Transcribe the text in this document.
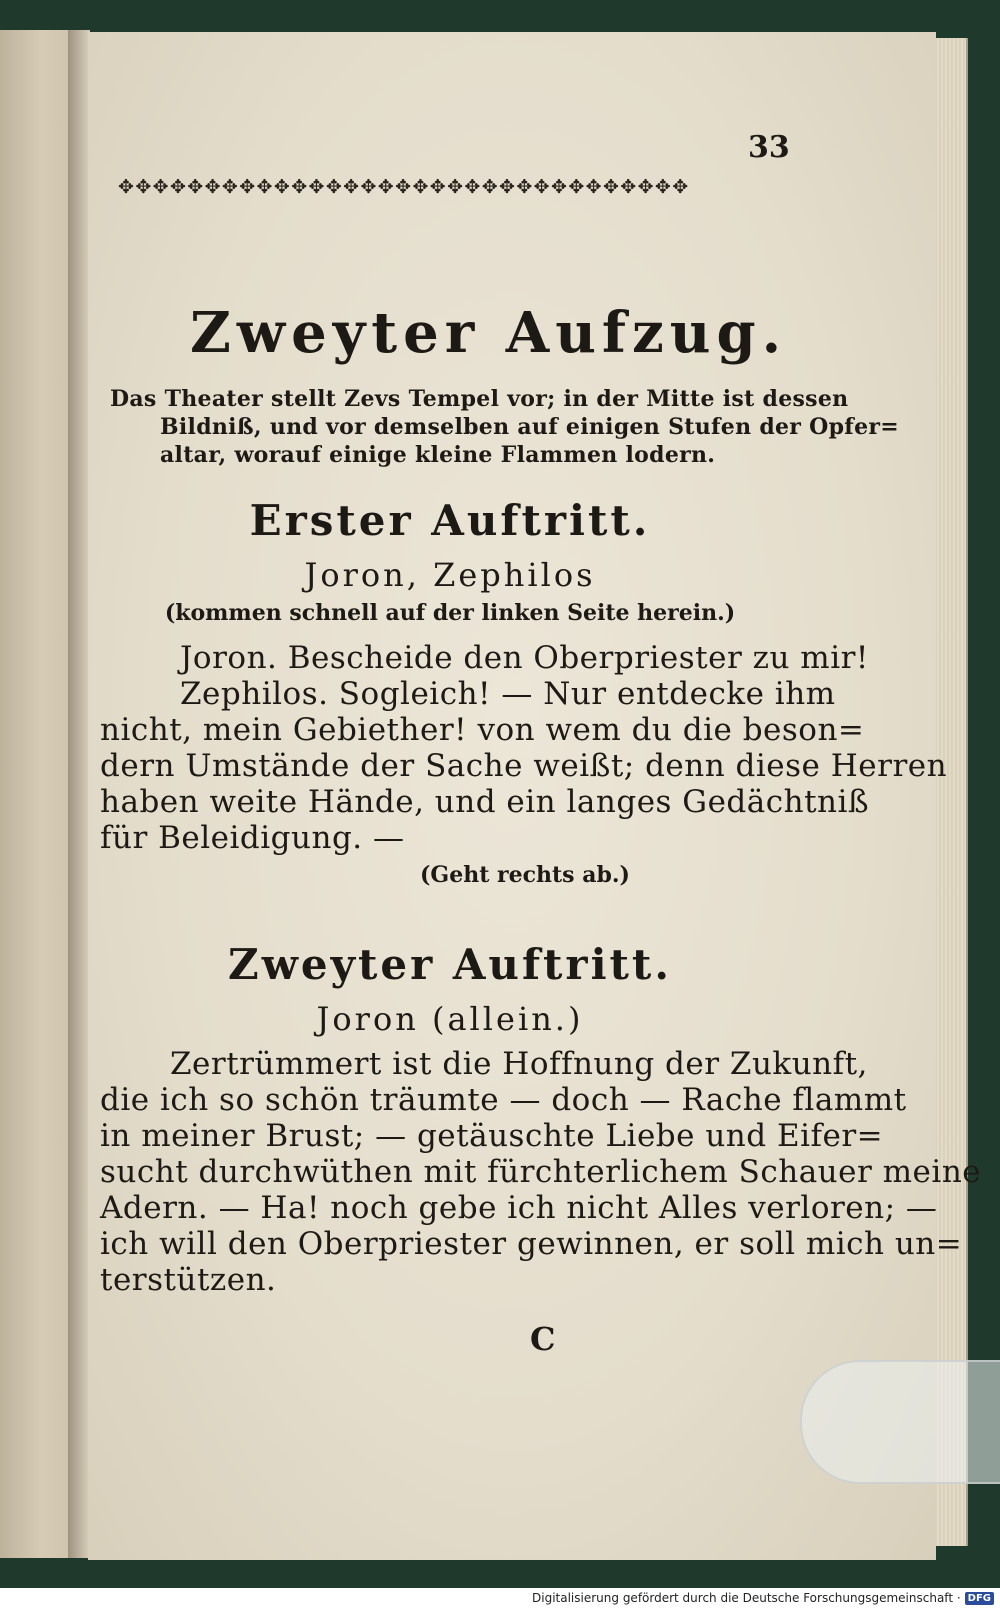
33
✥✥✥✥✥✥✥✥✥✥✥✥✥✥✥✥✥✥✥✥✥✥✥✥✥✥✥✥✥✥✥✥✥
Zweyter Aufzug.
Das Theater stellt Zevs Tempel vor; in der Mitte ist dessen
Bildniß, und vor demselben auf einigen Stufen der Opfer=
altar, worauf einige kleine Flammen lodern.
Erster Auftritt.
Joron, Zephilos
(kommen schnell auf der linken Seite herein.)
Joron. Bescheide den Oberpriester zu mir!
Zephilos. Sogleich! — Nur entdecke ihm
nicht, mein Gebiether! von wem du die beson=
dern Umstände der Sache weißt; denn diese Herren
haben weite Hände, und ein langes Gedächtniß
für Beleidigung. —
(Geht rechts ab.)
Zweyter Auftritt.
Joron (allein.)
Zertrümmert ist die Hoffnung der Zukunft,
die ich so schön träumte — doch — Rache flammt
in meiner Brust; — getäuschte Liebe und Eifer=
sucht durchwüthen mit fürchterlichem Schauer meine
Adern. — Ha! noch gebe ich nicht Alles verloren; —
ich will den Oberpriester gewinnen, er soll mich un=
terstützen.
C
Digitalisierung gefördert durch die Deutsche Forschungsgemeinschaft · DFG
